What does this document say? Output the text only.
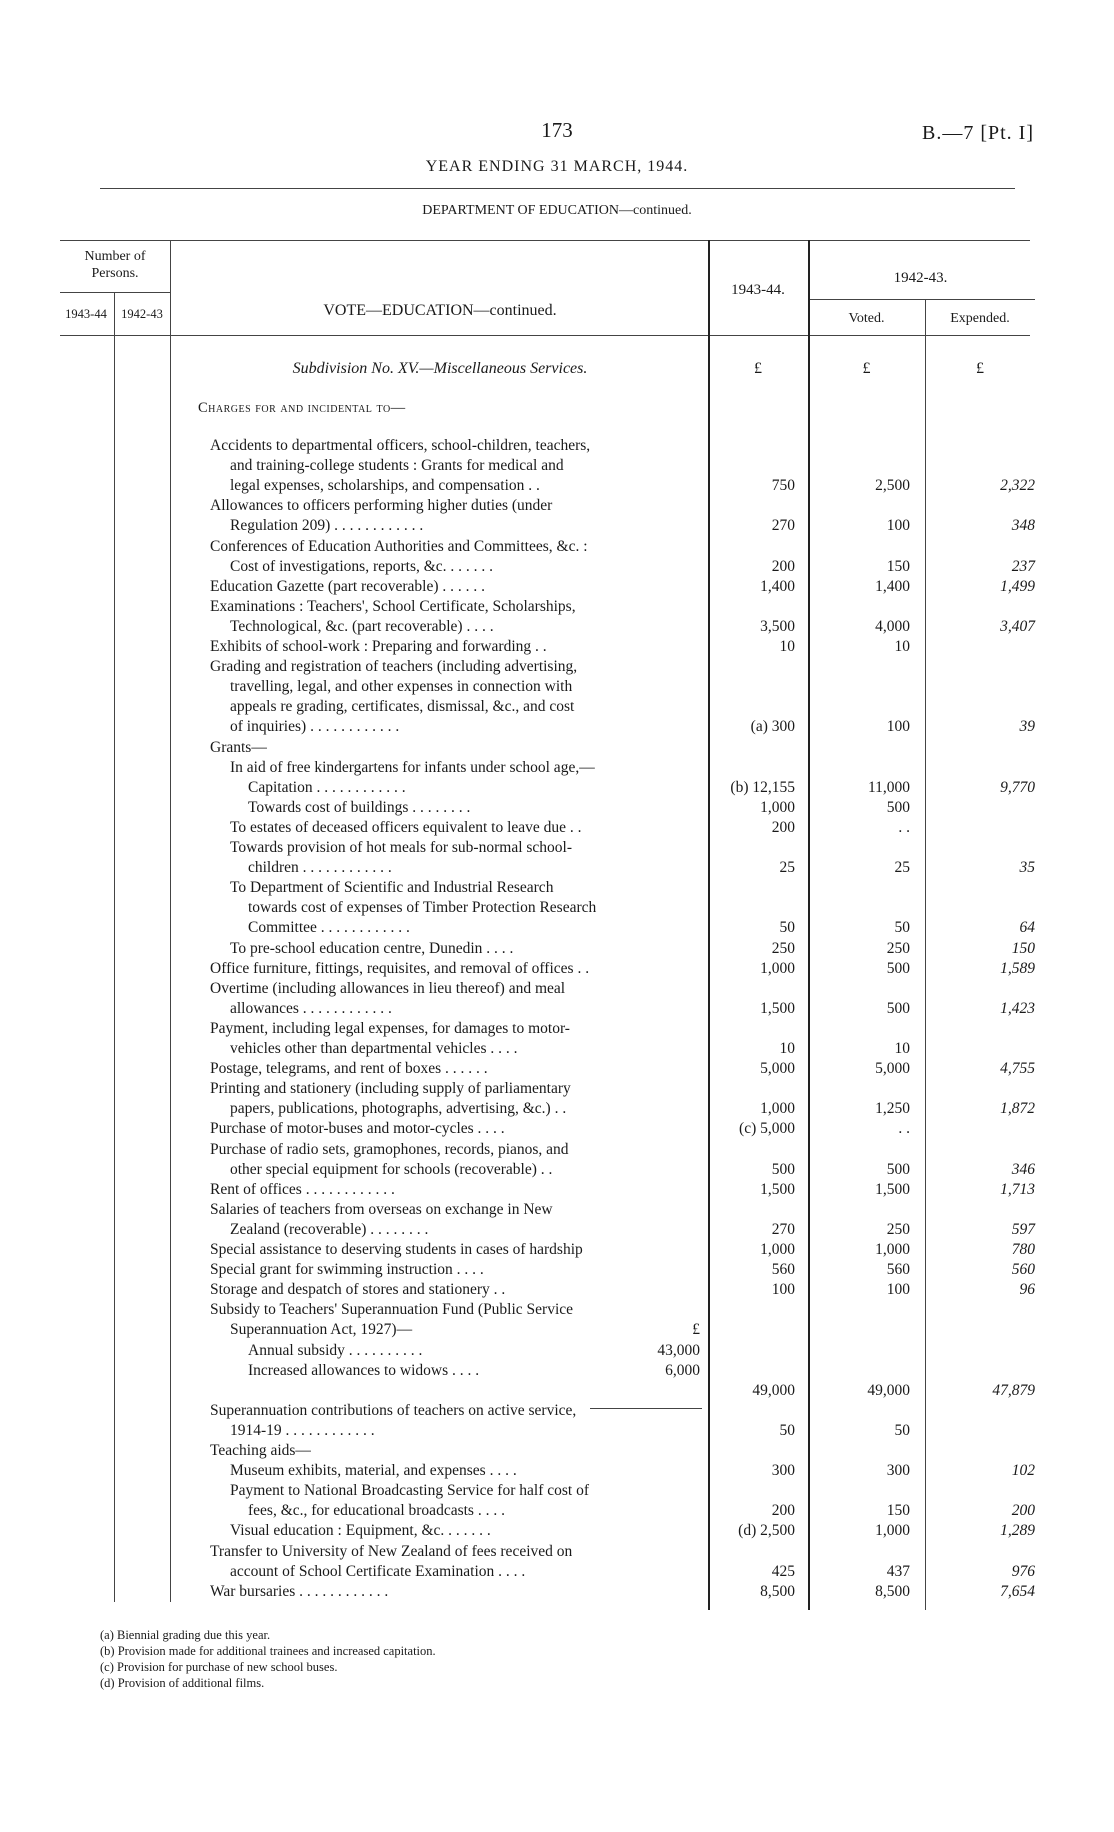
173	B.—7 [Pt. I]
YEAR ENDING 31 MARCH, 1944.
DEPARTMENT OF EDUCATION—continued.
Number of Persons.
1943-44	1942-43	VOTE—EDUCATION—continued.
1943-44.
1942-43.
Voted.	Expended.
Subdivision No. XV.—Miscellaneous Services.	£	£	£
Charges for and incidental to—
Accidents to departmental officers, school-children, teachers,
and training-college students : Grants for medical and
legal expenses, scholarships, and compensation . .	750	2,500	2,322
Allowances to officers performing higher duties (under
Regulation 209) . . . . . . . . . . . .	270	100	348
Conferences of Education Authorities and Committees, &c. :
Cost of investigations, reports, &c. . . . . . .	200	150	237
Education Gazette (part recoverable) . . . . . .	1,400	1,400	1,499
Examinations : Teachers', School Certificate, Scholarships,
Technological, &c. (part recoverable) . . . .	3,500	4,000	3,407
Exhibits of school-work : Preparing and forwarding . .	10	10
Grading and registration of teachers (including advertising,
travelling, legal, and other expenses in connection with
appeals re grading, certificates, dismissal, &c., and cost
of inquiries) . . . . . . . . . . . .	(a) 300	100	39
Grants—
In aid of free kindergartens for infants under school age,—
Capitation . . . . . . . . . . . .	(b) 12,155	11,000	9,770
Towards cost of buildings . . . . . . . .	1,000	500
To estates of deceased officers equivalent to leave due . .	200	. .
Towards provision of hot meals for sub-normal school-
children . . . . . . . . . . . .	25	25	35
To Department of Scientific and Industrial Research
towards cost of expenses of Timber Protection Research
Committee . . . . . . . . . . . .	50	50	64
To pre-school education centre, Dunedin . . . .	250	250	150
Office furniture, fittings, requisites, and removal of offices . .	1,000	500	1,589
Overtime (including allowances in lieu thereof) and meal
allowances . . . . . . . . . . . .	1,500	500	1,423
Payment, including legal expenses, for damages to motor-
vehicles other than departmental vehicles . . . .	10	10
Postage, telegrams, and rent of boxes . . . . . .	5,000	5,000	4,755
Printing and stationery (including supply of parliamentary
papers, publications, photographs, advertising, &c.) . .	1,000	1,250	1,872
Purchase of motor-buses and motor-cycles . . . .	(c) 5,000	. .
Purchase of radio sets, gramophones, records, pianos, and
other special equipment for schools (recoverable) . .	500	500	346
Rent of offices . . . . . . . . . . . .	1,500	1,500	1,713
Salaries of teachers from overseas on exchange in New
Zealand (recoverable) . . . . . . . .	270	250	597
Special assistance to deserving students in cases of hardship	1,000	1,000	780
Special grant for swimming instruction . . . .	560	560	560
Storage and despatch of stores and stationery . .	100	100	96
Subsidy to Teachers' Superannuation Fund (Public Service
Superannuation Act, 1927)—	£
Annual subsidy . . . . . . . . . .	43,000
Increased allowances to widows . . . .	6,000
49,000	49,000	47,879
Superannuation contributions of teachers on active service,
1914-19 . . . . . . . . . . . .	50	50
Teaching aids—
Museum exhibits, material, and expenses . . . .	300	300	102
Payment to National Broadcasting Service for half cost of
fees, &c., for educational broadcasts . . . .	200	150	200
Visual education : Equipment, &c. . . . . . .	(d) 2,500	1,000	1,289
Transfer to University of New Zealand of fees received on
account of School Certificate Examination . . . .	425	437	976
War bursaries . . . . . . . . . . . .	8,500	8,500	7,654
(a) Biennial grading due this year.
(b) Provision made for additional trainees and increased capitation.
(c) Provision for purchase of new school buses.
(d) Provision of additional films.
